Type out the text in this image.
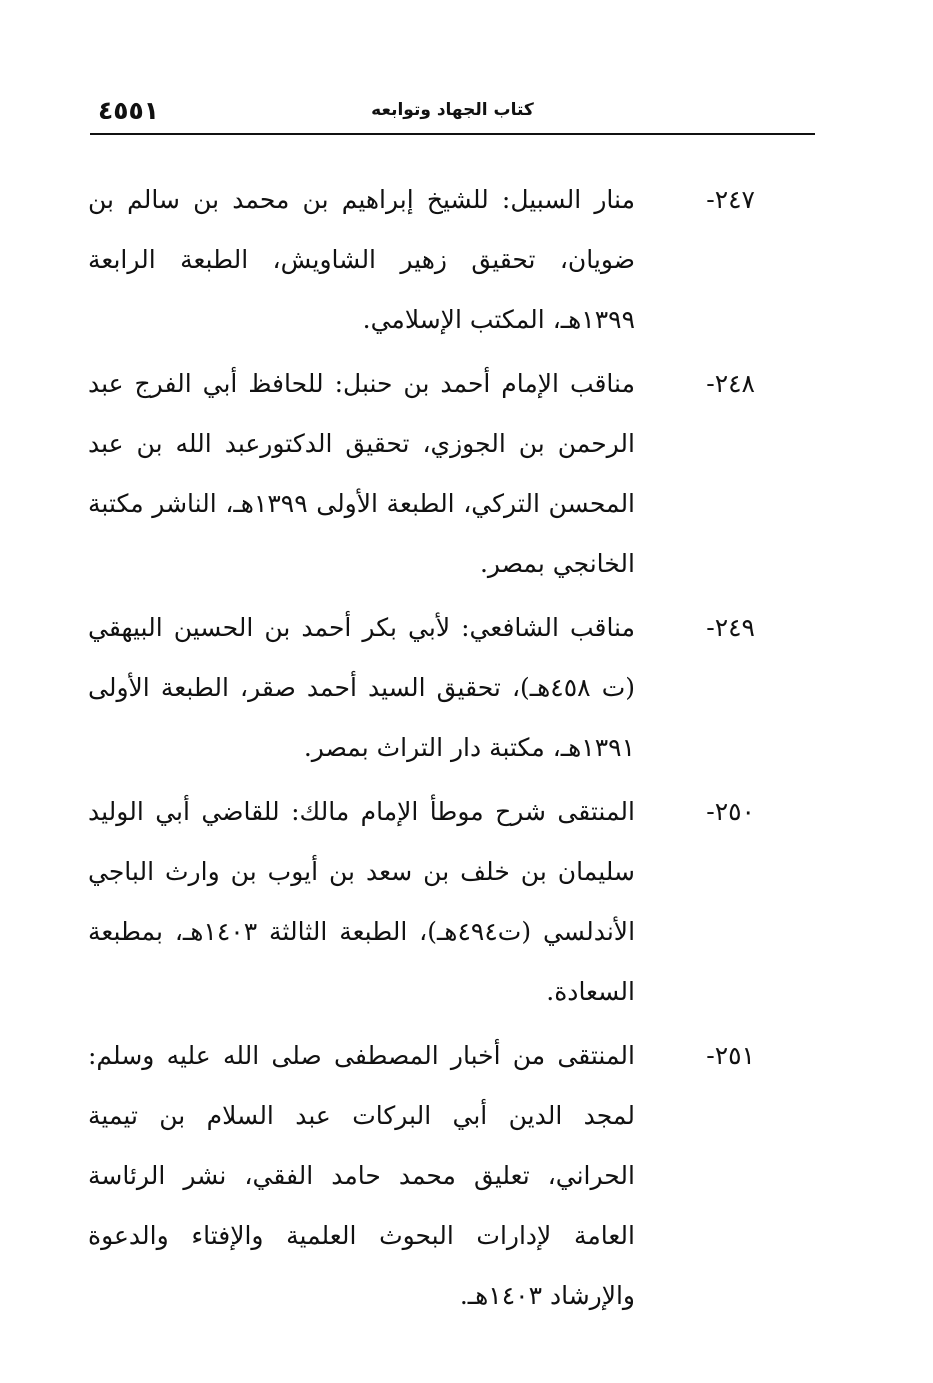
٤٥٥١	كتاب الجهاد وتوابعه
٢٤٧-
منار السبيل: للشيخ إبراهيم بن محمد بن سالم بن ضويان، تحقيق زهير الشاويش، الطبعة الرابعة ١٣٩٩هـ، المكتب الإسلامي.
٢٤٨-
مناقب الإمام أحمد بن حنبل: للحافظ أبي الفرج عبد الرحمن بن الجوزي، تحقيق الدكتورعبد الله بن عبد المحسن التركي، الطبعة الأولى ١٣٩٩هـ، الناشر مكتبة الخانجي بمصر.
٢٤٩-
مناقب الشافعي: لأبي بكر أحمد بن الحسين البيهقي (ت ٤٥٨هـ)، تحقيق السيد أحمد صقر، الطبعة الأولى ١٣٩١هـ، مكتبة دار التراث بمصر.
٢٥٠-
المنتقى شرح موطأ الإمام مالك: للقاضي أبي الوليد سليمان بن خلف بن سعد بن أيوب بن وارث الباجي الأندلسي (ت٤٩٤هـ)، الطبعة الثالثة ١٤٠٣هـ، بمطبعة السعادة.
٢٥١-
المنتقى من أخبار المصطفى صلى الله عليه وسلم: لمجد الدين أبي البركات عبد السلام بن تيمية الحراني، تعليق محمد حامد الفقي، نشر الرئاسة العامة لإدارات البحوث العلمية والإفتاء والدعوة والإرشاد ١٤٠٣هـ.
